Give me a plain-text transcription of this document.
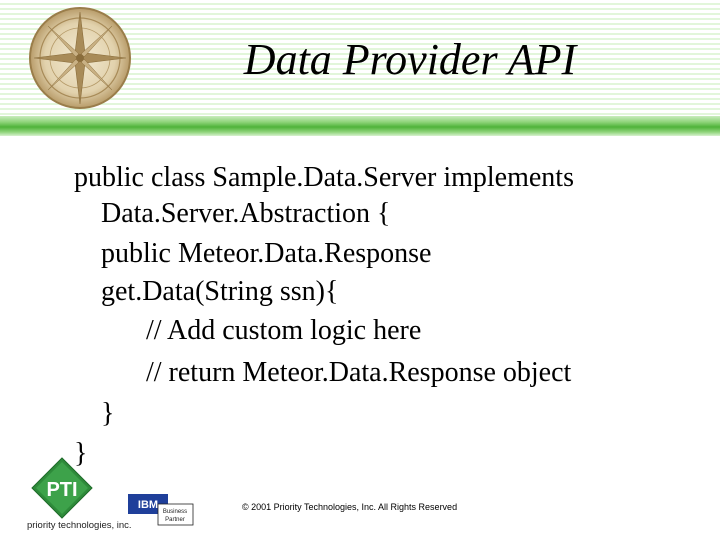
Data Provider API
public class Sample.Data.Server implements
Data.Server.Abstraction {
public Meteor.Data.Response
get.Data(String ssn){
// Add custom logic here
// return Meteor.Data.Response object
}
}
PTI
priority technologies, inc.
IBM
Business
Partner
© 2001 Priority Technologies, Inc. All Rights Reserved
